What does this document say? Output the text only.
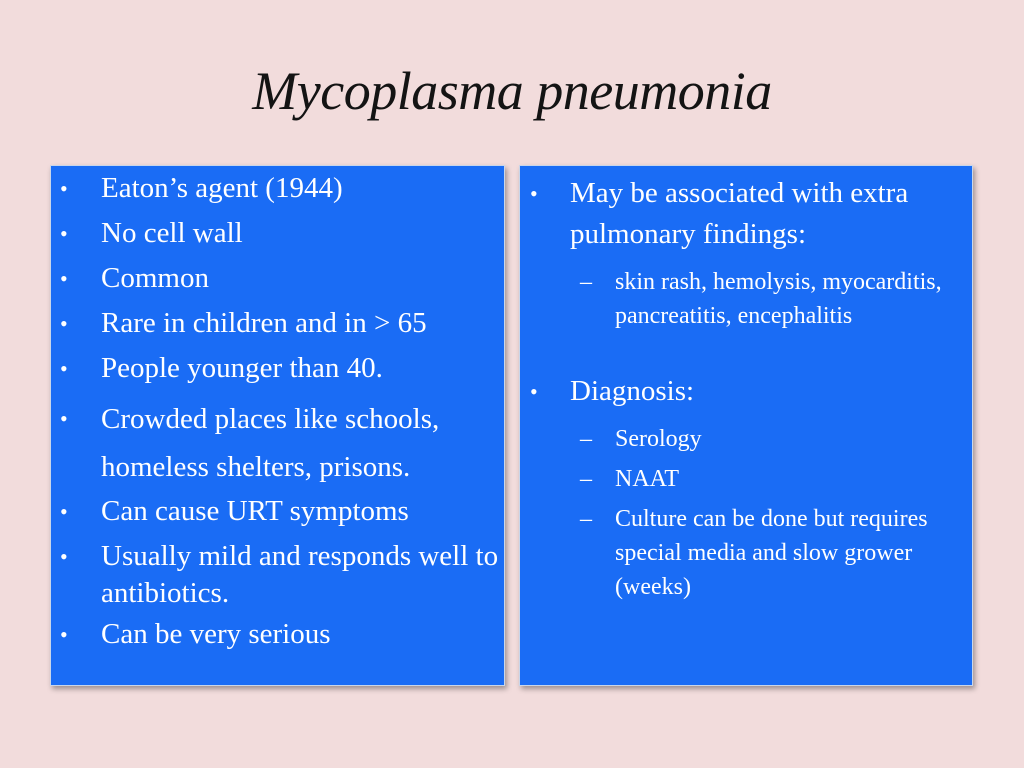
Mycoplasma pneumonia
•	Eaton’s agent (1944)
•	No cell wall
•	Common
•	Rare in children and in > 65
•	People younger than 40.
•	Crowded places like schools, homeless shelters, prisons.
•	Can cause URT symptoms
•	Usually mild and responds well to antibiotics.
•	Can be very serious
•	May be associated with extra pulmonary findings:
– skin rash, hemolysis, myocarditis, pancreatitis, encephalitis
•	Diagnosis:
– Serology
– NAAT
– Culture can be done but requires special media and slow grower (weeks)
